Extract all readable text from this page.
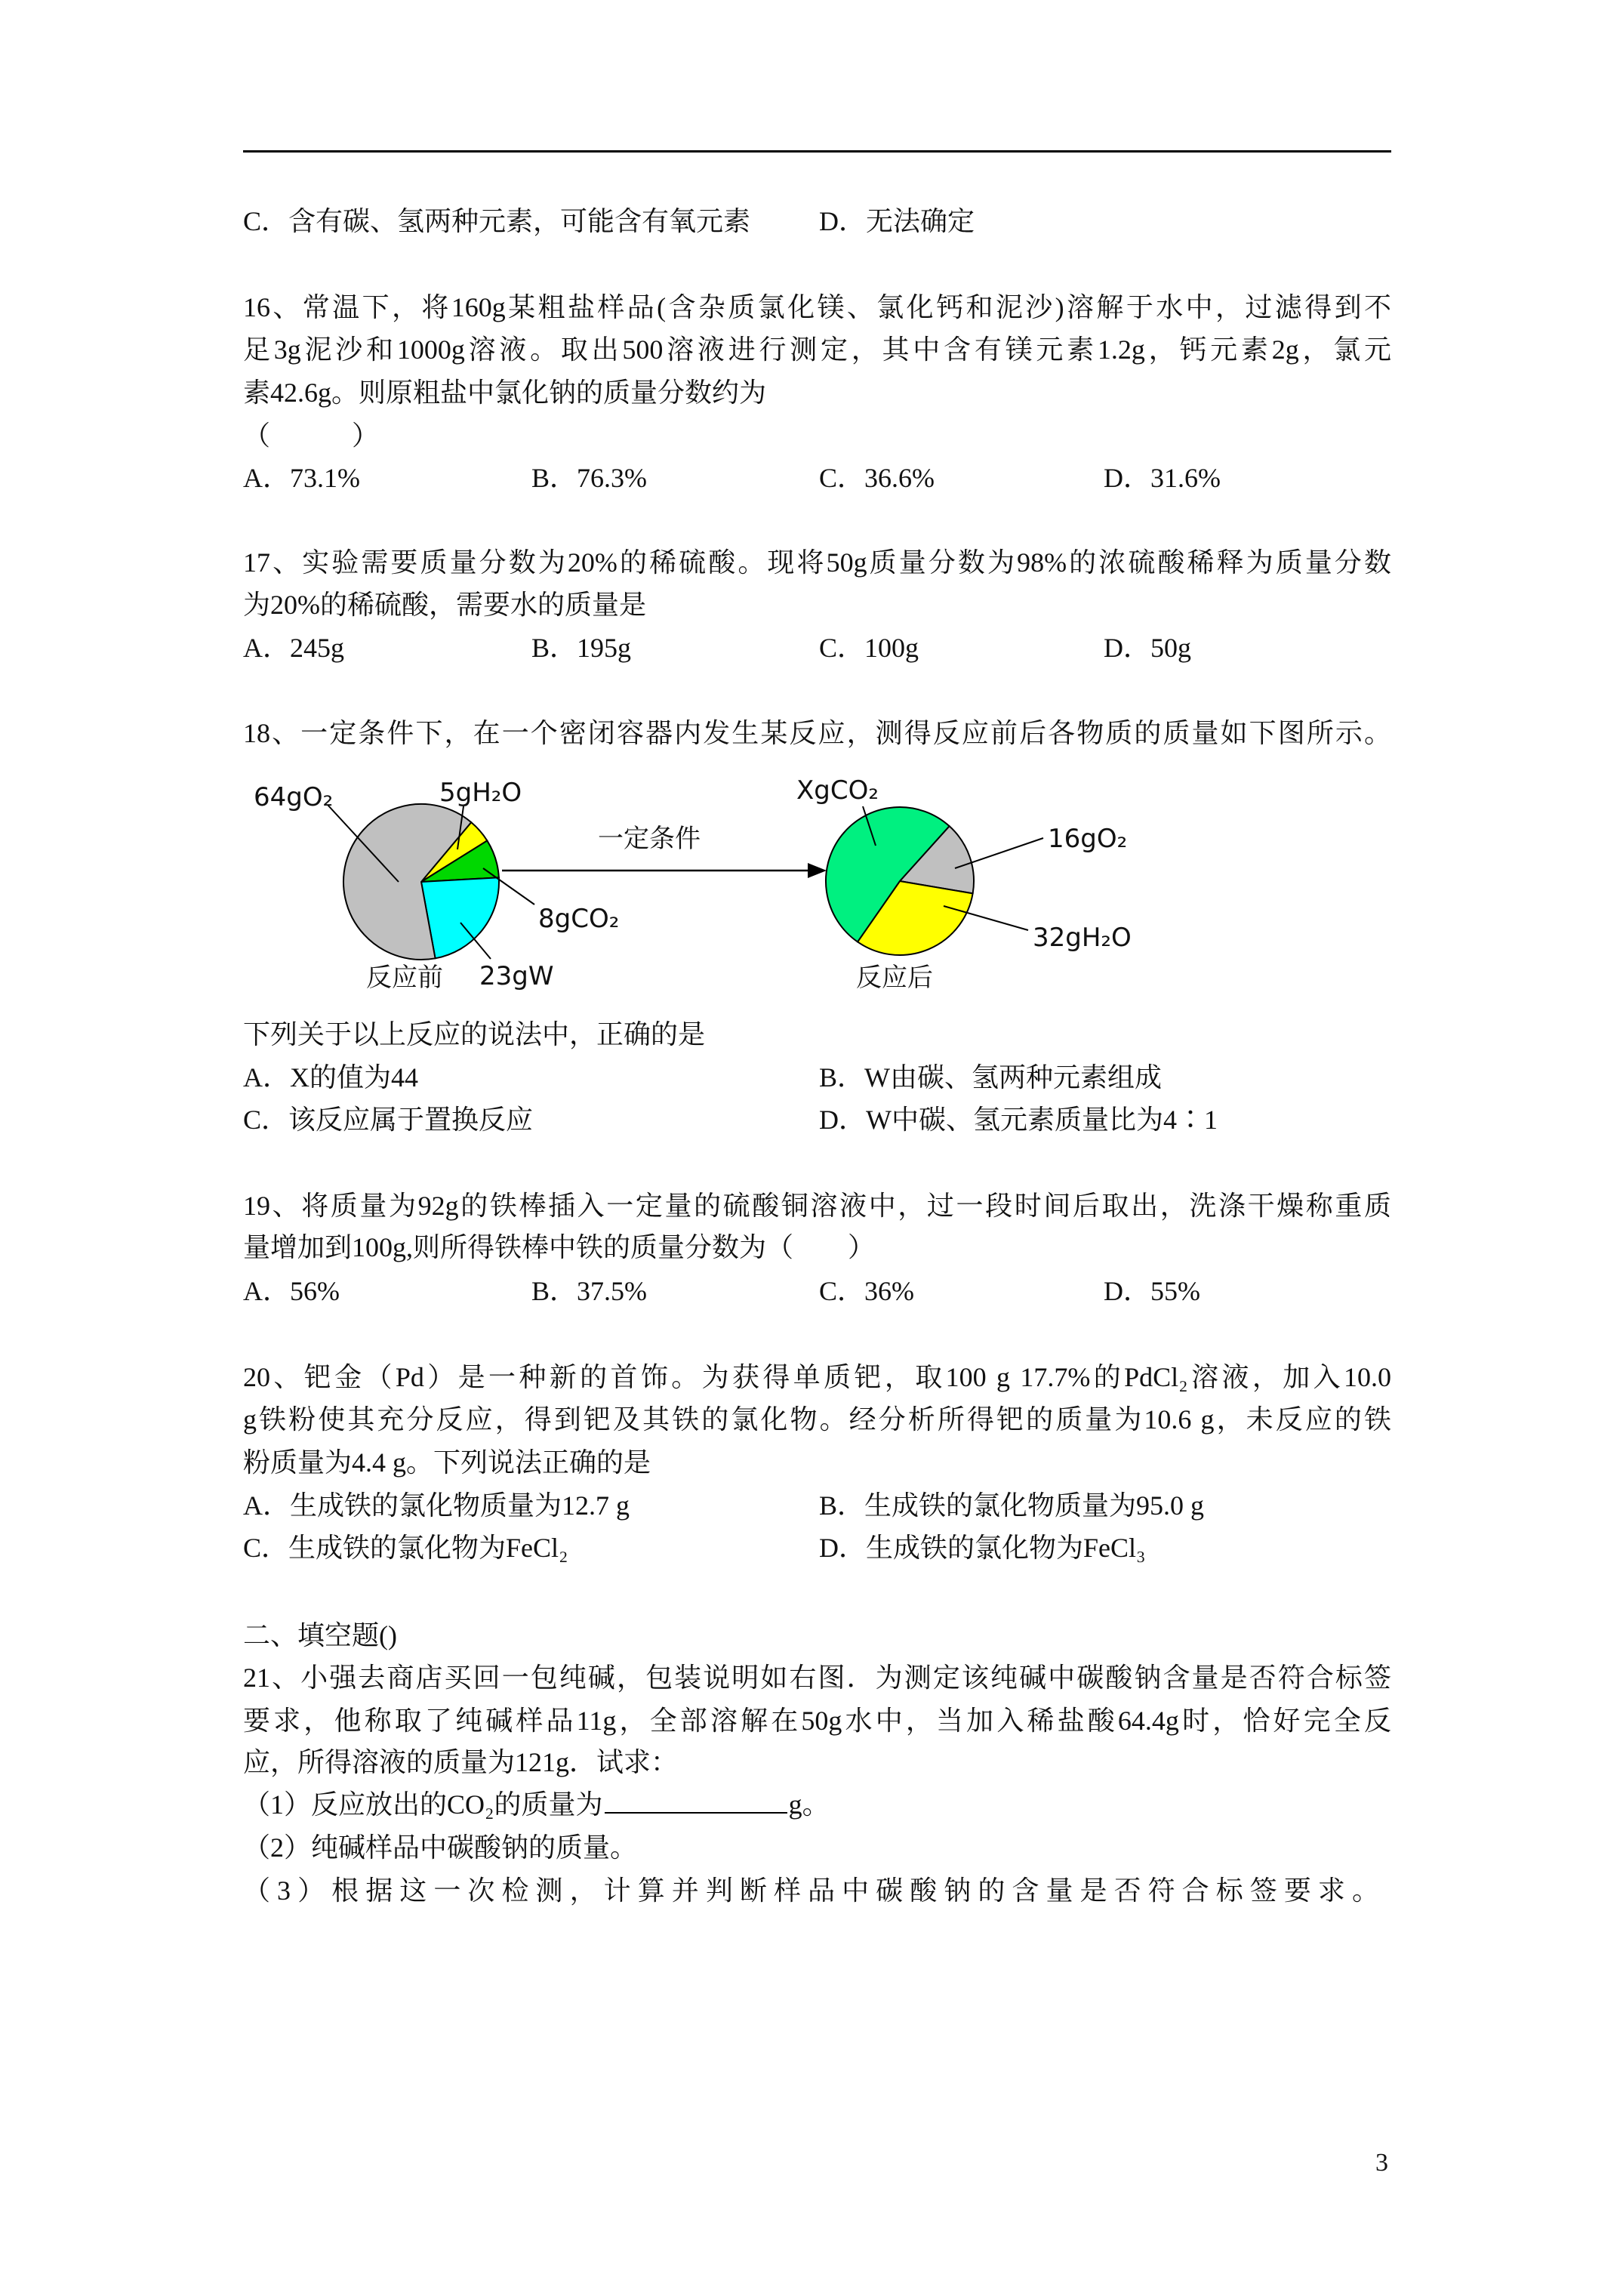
C．含有碳、氢两种元素，可能含有氧元素	D．无法确定
16、常温下，将160g某粗盐样品(含杂质氯化镁、氯化钙和泥沙)溶解于水中，过滤得到不
足3g泥沙和1000g溶液。取出500溶液进行测定，其中含有镁元素1.2g，钙元素2g，氯元
素42.6g。则原粗盐中氯化钠的质量分数约为
（　　　）
A．73.1%	B．76.3%	C．36.6%	D．31.6%
17、实验需要质量分数为20%的稀硫酸。现将50g质量分数为98%的浓硫酸稀释为质量分数
为20%的稀硫酸，需要水的质量是
A．245g	B．195g	C．100g	D．50g
18、一定条件下，在一个密闭容器内发生某反应，测得反应前后各物质的质量如下图所示。
64gO₂	5gH₂O
8gCO₂
23gW
反应前
一定条件
XgCO₂
16gO₂
32gH₂O
反应后
下列关于以上反应的说法中，正确的是
A．X的值为44	B．W由碳、氢两种元素组成
C．该反应属于置换反应	D．W中碳、氢元素质量比为4∶1
19、将质量为92g的铁棒插入一定量的硫酸铜溶液中，过一段时间后取出，洗涤干燥称重质
量增加到100g,则所得铁棒中铁的质量分数为（　　）
A．56%	B．37.5%	C．36%	D．55%
20、钯金（Pd）是一种新的首饰。为获得单质钯，取100 g 17.7%的PdCl₂溶液，加入10.0
g铁粉使其充分反应，得到钯及其铁的氯化物。经分析所得钯的质量为10.6 g，未反应的铁
粉质量为4.4 g。下列说法正确的是
A．生成铁的氯化物质量为12.7 g	B．生成铁的氯化物质量为95.0 g
C．生成铁的氯化物为FeCl₂	D．生成铁的氯化物为FeCl₃
二、填空题()
21、小强去商店买回一包纯碱，包装说明如右图．为测定该纯碱中碳酸钠含量是否符合标签
要求，他称取了纯碱样品11g，全部溶解在50g水中，当加入稀盐酸64.4g时，恰好完全反
应，所得溶液的质量为121g．试求：
（1）反应放出的CO₂的质量为	g。
（2）纯碱样品中碳酸钠的质量。
（3）根据这一次检测，计算并判断样品中碳酸钠的含量是否符合标签要求。
3
